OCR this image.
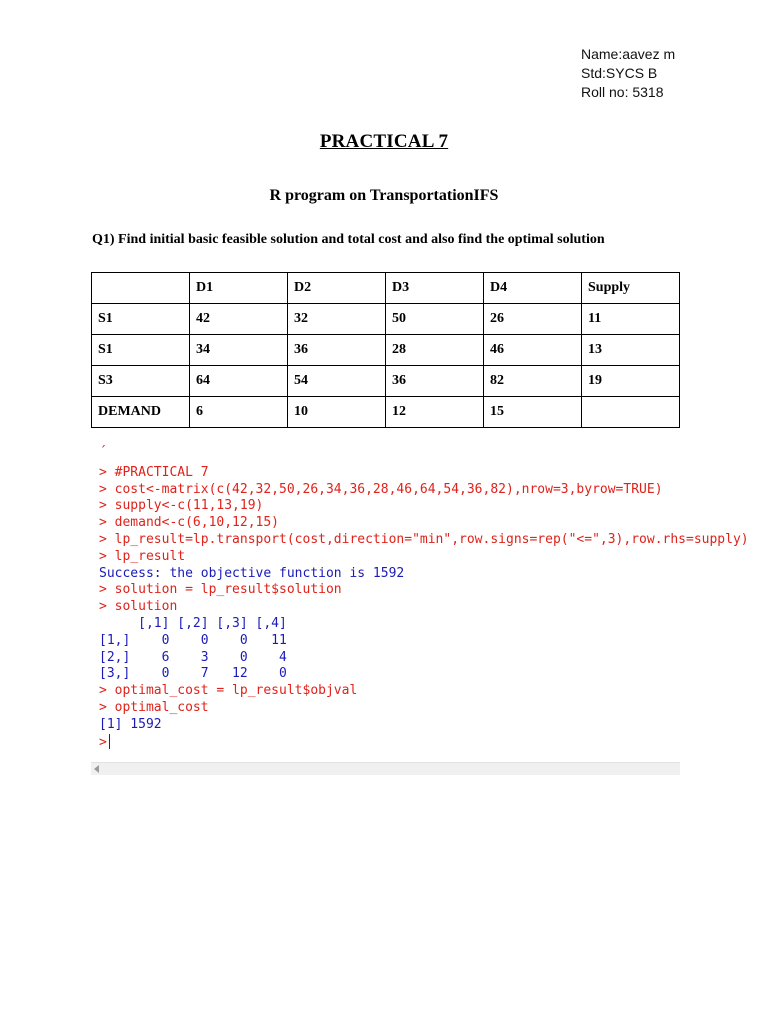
Name:aavez m
Std:SYCS B
Roll no: 5318
PRACTICAL 7
R program on TransportationIFS
Q1) Find initial basic feasible solution and total cost and also find the optimal solution
	D1	D2	D3	D4	Supply
S1	42	32	50	26	11
S1	34	36	28	46	13
S3	64	54	36	82	19
DEMAND	6	10	12	15	
´
> #PRACTICAL 7
> cost<-matrix(c(42,32,50,26,34,36,28,46,64,54,36,82),nrow=3,byrow=TRUE)
> supply<-c(11,13,19)
> demand<-c(6,10,12,15)
> lp_result=lp.transport(cost,direction="min",row.signs=rep("<=",3),row.rhs=supply)
> lp_result
Success: the objective function is 1592
> solution = lp_result$solution
> solution
[,1] [,2] [,3] [,4]
[1,]    0    0    0   11
[2,]    6    3    0    4
[3,]    0    7   12    0
> optimal_cost = lp_result$objval
> optimal_cost
[1] 1592
>
